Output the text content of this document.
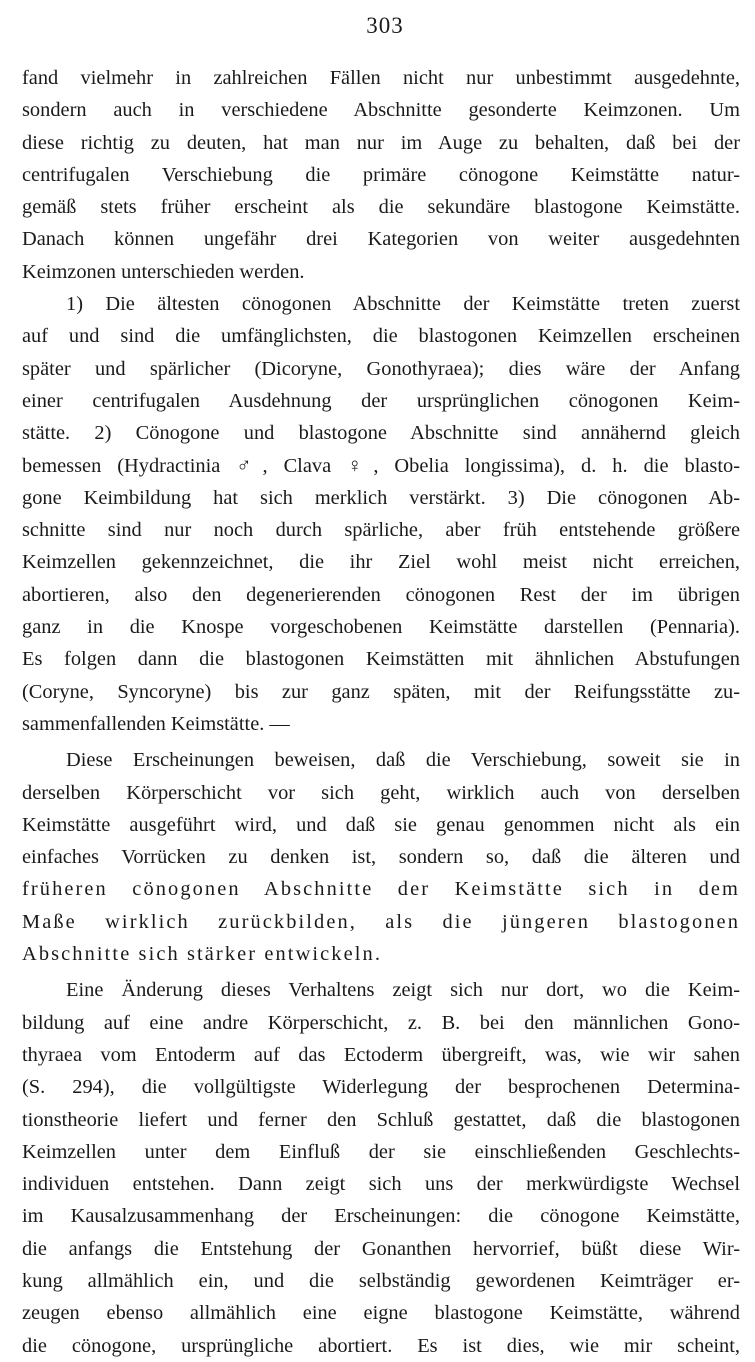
303
fand vielmehr in zahlreichen Fällen nicht nur unbestimmt ausgedehnte,
sondern auch in verschiedene Abschnitte gesonderte Keimzonen. Um
diese richtig zu deuten, hat man nur im Auge zu behalten, daß bei der
centrifugalen Verschiebung die primäre cönogone Keimstätte natur-
gemäß stets früher erscheint als die sekundäre blastogone Keimstätte.
Danach können ungefähr drei Kategorien von weiter ausgedehnten
Keimzonen unterschieden werden.
1) Die ältesten cönogonen Abschnitte der Keimstätte treten zuerst
auf und sind die umfänglichsten, die blastogonen Keimzellen erscheinen
später und spärlicher (Dicoryne, Gonothyraea); dies wäre der Anfang
einer centrifugalen Ausdehnung der ursprünglichen cönogonen Keim-
stätte. 2) Cönogone und blastogone Abschnitte sind annähernd gleich
bemessen (Hydractinia ♂, Clava ♀, Obelia longissima), d. h. die blasto-
gone Keimbildung hat sich merklich verstärkt. 3) Die cönogonen Ab-
schnitte sind nur noch durch spärliche, aber früh entstehende größere
Keimzellen gekennzeichnet, die ihr Ziel wohl meist nicht erreichen,
abortieren, also den degenerierenden cönogonen Rest der im übrigen
ganz in die Knospe vorgeschobenen Keimstätte darstellen (Pennaria).
Es folgen dann die blastogonen Keimstätten mit ähnlichen Abstufungen
(Coryne, Syncoryne) bis zur ganz späten, mit der Reifungsstätte zu-
sammenfallenden Keimstätte. —
Diese Erscheinungen beweisen, daß die Verschiebung, soweit sie in
derselben Körperschicht vor sich geht, wirklich auch von derselben
Keimstätte ausgeführt wird, und daß sie genau genommen nicht als ein
einfaches Vorrücken zu denken ist, sondern so, daß die älteren und
früheren cönogonen Abschnitte der Keimstätte sich in dem
Maße wirklich zurückbilden, als die jüngeren blastogonen
Abschnitte sich stärker entwickeln.
Eine Änderung dieses Verhaltens zeigt sich nur dort, wo die Keim-
bildung auf eine andre Körperschicht, z. B. bei den männlichen Gono-
thyraea vom Entoderm auf das Ectoderm übergreift, was, wie wir sahen
(S. 294), die vollgültigste Widerlegung der besprochenen Determina-
tionstheorie liefert und ferner den Schluß gestattet, daß die blastogonen
Keimzellen unter dem Einfluß der sie einschließenden Geschlechts-
individuen entstehen. Dann zeigt sich uns der merkwürdigste Wechsel
im Kausalzusammenhang der Erscheinungen: die cönogone Keimstätte,
die anfangs die Entstehung der Gonanthen hervorrief, büßt diese Wir-
kung allmählich ein, und die selbständig gewordenen Keimträger er-
zeugen ebenso allmählich eine eigne blastogone Keimstätte, während
die cönogone, ursprüngliche abortiert. Es ist dies, wie mir scheint,
